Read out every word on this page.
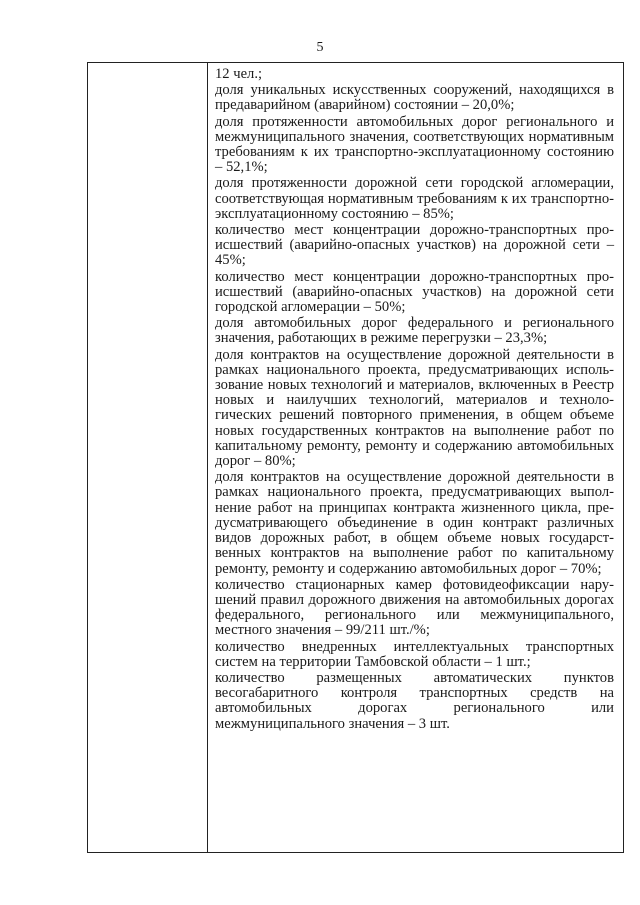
5

12 чел.;

доля уникальных искусственных сооружений, находящихся в предаварийном (аварийном) состоянии – 20,0%;

доля протяженности автомобильных дорог регионального и межмуниципального значения, соответствующих нормативным требованиям к их транспортно-эксплуатационному состоянию – 52,1%;

доля протяженности дорожной сети городской агломерации, соответствующая нормативным требованиям к их транспортно-эксплуатационному состоянию – 85%;

количество мест концентрации дорожно-транспортных происшествий (аварийно-опасных участков) на дорожной сети – 45%;

количество мест концентрации дорожно-транспортных происшествий (аварийно-опасных участков) на дорожной сети городской агломерации – 50%;

доля автомобильных дорог федерального и регионального значения, работающих в режиме перегрузки – 23,3%;

доля контрактов на осуществление дорожной деятельности в рамках национального проекта, предусматривающих использование новых технологий и материалов, включенных в Реестр новых и наилучших технологий, материалов и технологических решений повторного применения, в общем объеме новых государственных контрактов на выполнение работ по капитальному ремонту, ремонту и содержанию автомобильных дорог – 80%;

доля контрактов на осуществление дорожной деятельности в рамках национального проекта, предусматривающих выполнение работ на принципах контракта жизненного цикла, предусматривающего объединение в один контракт различных видов дорожных работ, в общем объеме новых государственных контрактов на выполнение работ по капитальному ремонту, ремонту и содержанию автомобильных дорог – 70%;

количество стационарных камер фотовидеофиксации нарушений правил дорожного движения на автомобильных дорогах федерального, регионального или межмуниципального, местного значения – 99/211 шт./%;

количество внедренных интеллектуальных транспортных систем на территории Тамбовской области – 1 шт.;

количество размещенных автоматических пунктов весогабаритного контроля транспортных средств на автомобильных дорогах регионального или межмуниципального значения – 3 шт.
